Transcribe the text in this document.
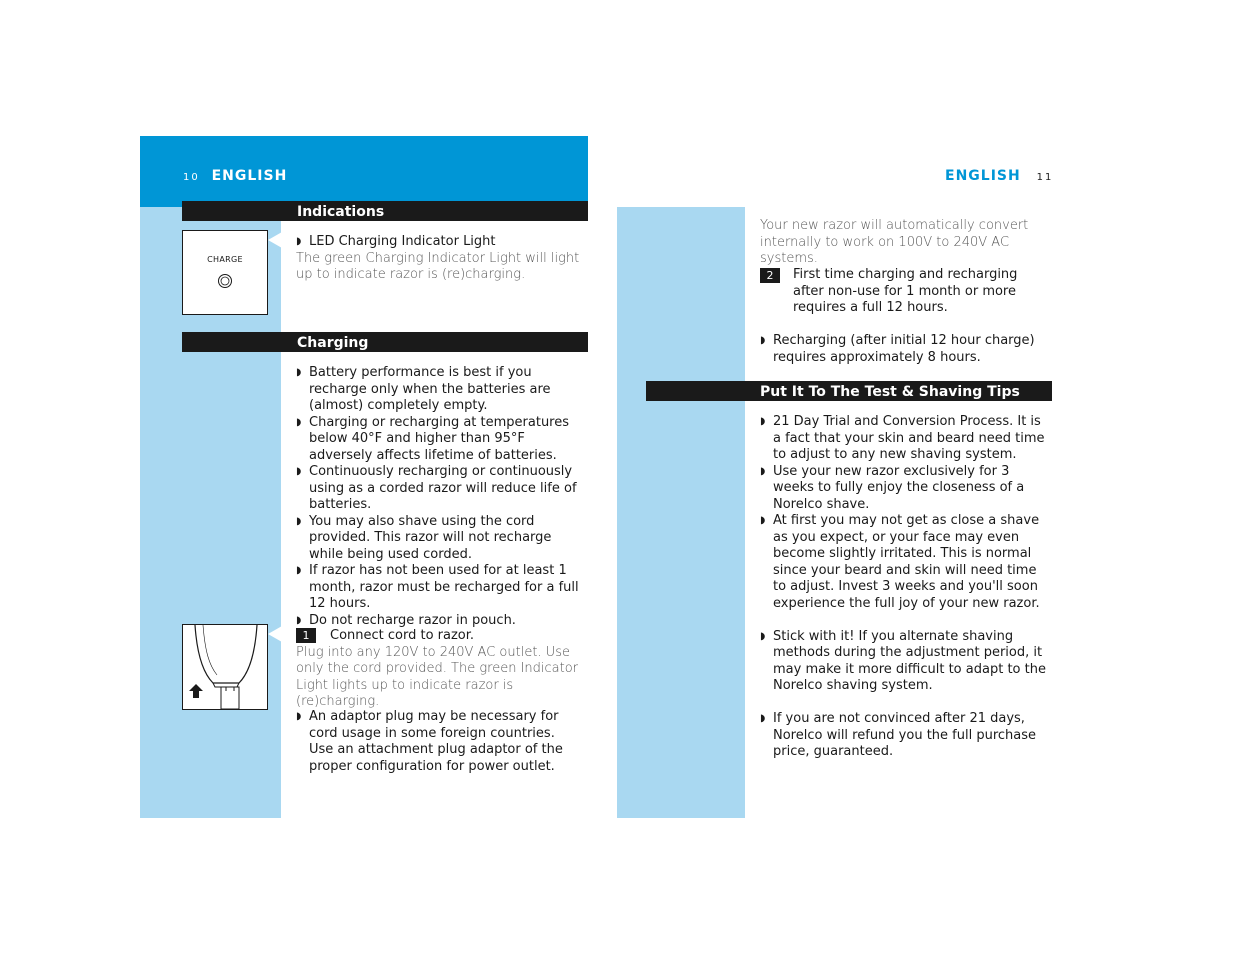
10 ENGLISH	ENGLISH 11
Indications
CHARGE

◗ LED Charging Indicator Light

The green Charging Indicator Light will light up to indicate razor is (re)charging.

Charging

◗ Battery performance is best if you recharge only when the batteries are (almost) completely empty.

◗ Charging or recharging at temperatures below 40°F and higher than 95°F adversely affects lifetime of batteries.

◗ Continuously recharging or continuously using as a corded razor will reduce life of batteries.

◗ You may also shave using the cord provided. This razor will not recharge while being used corded.

◗ If razor has not been used for at least 1 month, razor must be recharged for a full 12 hours.

◗ Do not recharge razor in pouch.

1 Connect cord to razor.

Plug into any 120V to 240V AC outlet. Use only the cord provided. The green Indicator Light lights up to indicate razor is (re)charging.

◗ An adaptor plug may be necessary for cord usage in some foreign countries. Use an attachment plug adaptor of the proper configuration for power outlet.

Your new razor will automatically convert internally to work on 100V to 240V AC systems.
2	First time charging and recharging after non-use for 1 month or more requires a full 12 hours.

◗ Recharging (after initial 12 hour charge) requires approximately 8 hours.

Put It To The Test & Shaving Tips

◗ 21 Day Trial and Conversion Process. It is a fact that your skin and beard need time to adjust to any new shaving system.

◗ Use your new razor exclusively for 3 weeks to fully enjoy the closeness of a Norelco shave.

◗ At first you may not get as close a shave as you expect, or your face may even become slightly irritated. This is normal since your beard and skin will need time to adjust. Invest 3 weeks and you'll soon experience the full joy of your new razor.

◗ Stick with it! If you alternate shaving methods during the adjustment period, it may make it more difficult to adapt to the Norelco shaving system.

◗ If you are not convinced after 21 days, Norelco will refund you the full purchase price, guaranteed.
